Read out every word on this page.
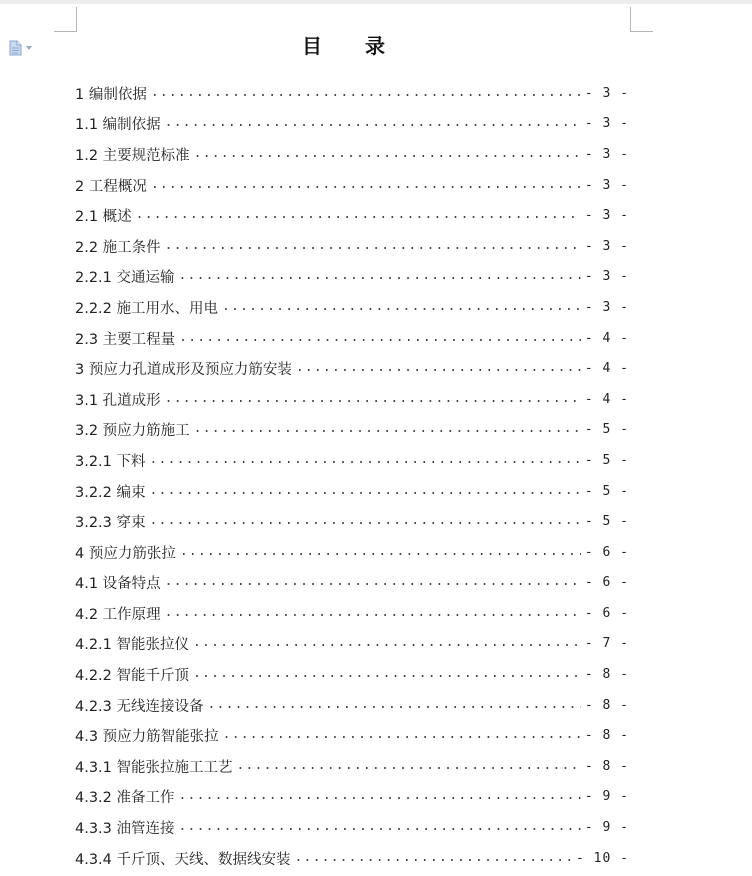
目 录
1 编制依据 .....	- 3 -
1.1 编制依据 .....	- 3 -
1.2 主要规范标准 .....	- 3 -
2 工程概况 .....	- 3 -
2.1 概述 .....	- 3 -
2.2 施工条件 .....	- 3 -
2.2.1 交通运输 .....	- 3 -
2.2.2 施工用水、用电 .....	- 3 -
2.3 主要工程量 .....	- 4 -
3 预应力孔道成形及预应力筋安装 .....	- 4 -
3.1 孔道成形 .....	- 4 -
3.2 预应力筋施工 .....	- 5 -
3.2.1 下料 .....	- 5 -
3.2.2 编束 .....	- 5 -
3.2.3 穿束 .....	- 5 -
4 预应力筋张拉 .....	- 6 -
4.1 设备特点 .....	- 6 -
4.2 工作原理 .....	- 6 -
4.2.1 智能张拉仪 .....	- 7 -
4.2.2 智能千斤顶 .....	- 8 -
4.2.3 无线连接设备 .....	- 8 -
4.3 预应力筋智能张拉 .....	- 8 -
4.3.1 智能张拉施工工艺 .....	- 8 -
4.3.2 准备工作 .....	- 9 -
4.3.3 油管连接 .....	- 9 -
4.3.4 千斤顶、天线、数据线安装 .....	- 10 -
